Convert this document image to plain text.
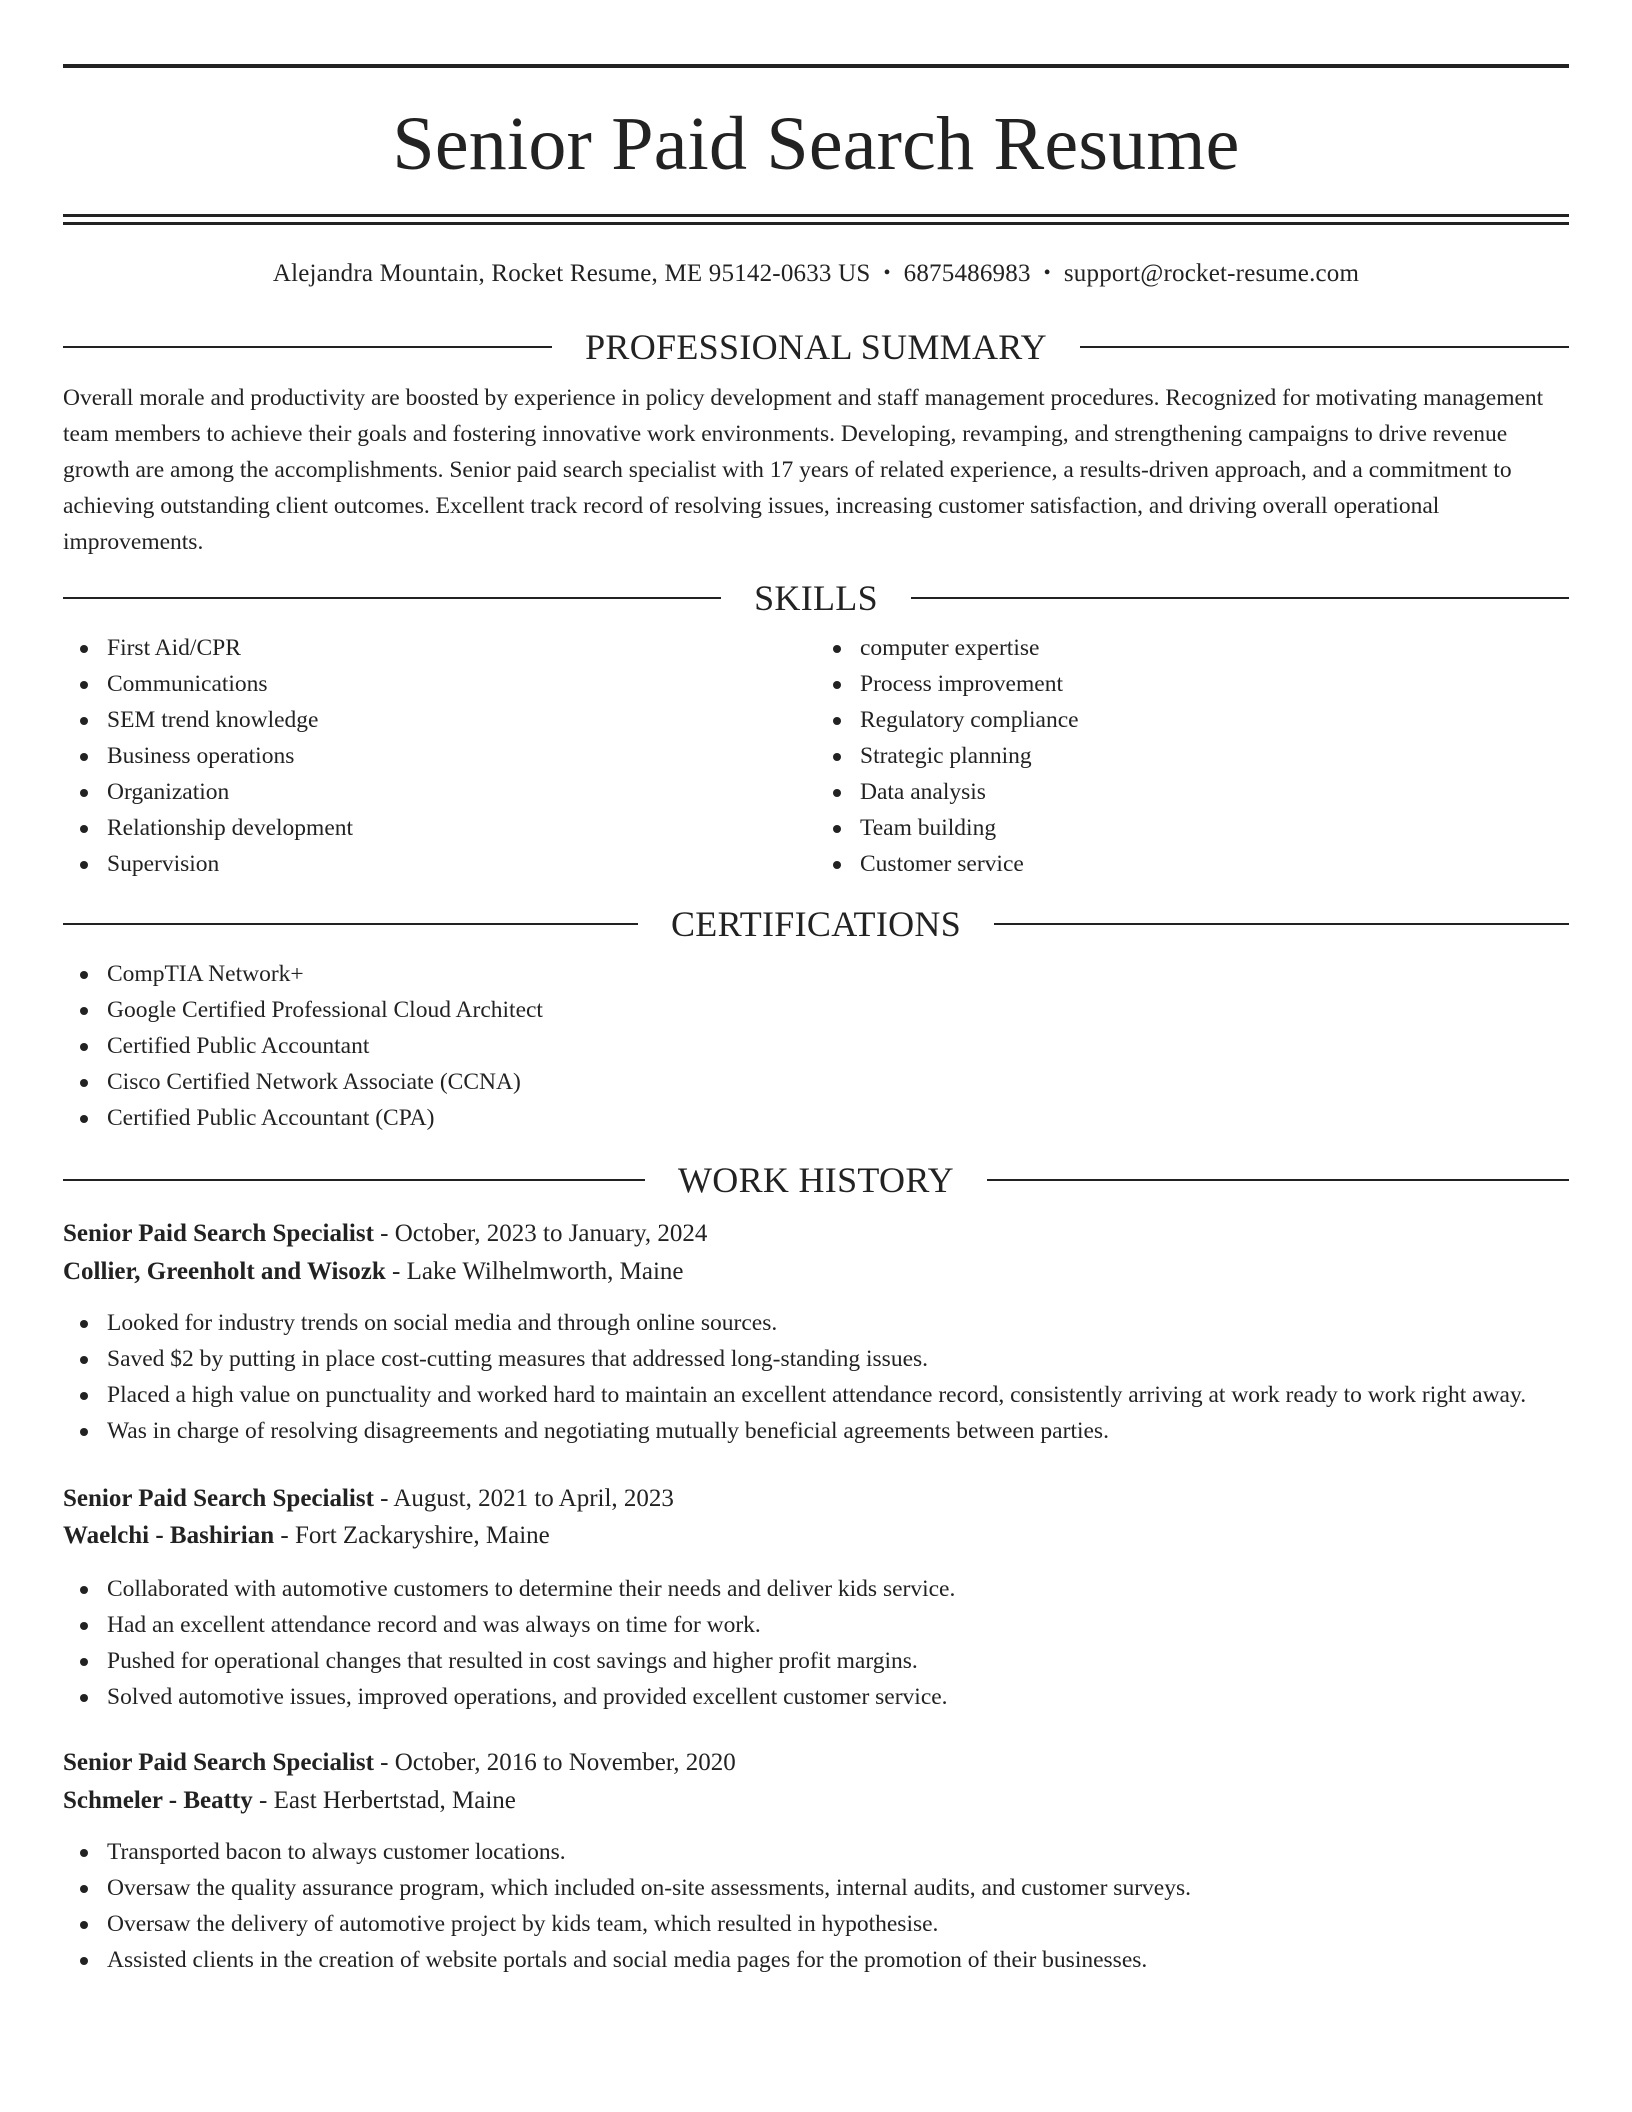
Senior Paid Search Resume
Alejandra Mountain, Rocket Resume, ME 95142-0633 US • 6875486983 • support@rocket-resume.com
PROFESSIONAL SUMMARY

Overall morale and productivity are boosted by experience in policy development and staff management procedures. Recognized for motivating management team members to achieve their goals and fostering innovative work environments. Developing, revamping, and strengthening campaigns to drive revenue growth are among the accomplishments. Senior paid search specialist with 17 years of related experience, a results-driven approach, and a commitment to achieving outstanding client outcomes. Excellent track record of resolving issues, increasing customer satisfaction, and driving overall operational improvements.

SKILLS
First Aid/CPR
Communications
SEM trend knowledge
Business operations
Organization
Relationship development
Supervision
computer expertise
Process improvement
Regulatory compliance
Strategic planning
Data analysis
Team building
Customer service
CERTIFICATIONS
CompTIA Network+
Google Certified Professional Cloud Architect
Certified Public Accountant
Cisco Certified Network Associate (CCNA)
Certified Public Accountant (CPA)
WORK HISTORY

Senior Paid Search Specialist - October, 2023 to January, 2024

Collier, Greenholt and Wisozk - Lake Wilhelmworth, Maine

Looked for industry trends on social media and through online sources.
Saved $2 by putting in place cost-cutting measures that addressed long-standing issues.
Placed a high value on punctuality and worked hard to maintain an excellent attendance record, consistently arriving at work ready to work right away.
Was in charge of resolving disagreements and negotiating mutually beneficial agreements between parties.

Senior Paid Search Specialist - August, 2021 to April, 2023

Waelchi - Bashirian - Fort Zackaryshire, Maine

Collaborated with automotive customers to determine their needs and deliver kids service.
Had an excellent attendance record and was always on time for work.
Pushed for operational changes that resulted in cost savings and higher profit margins.
Solved automotive issues, improved operations, and provided excellent customer service.

Senior Paid Search Specialist - October, 2016 to November, 2020

Schmeler - Beatty - East Herbertstad, Maine

Transported bacon to always customer locations.
Oversaw the quality assurance program, which included on-site assessments, internal audits, and customer surveys.
Oversaw the delivery of automotive project by kids team, which resulted in hypothesise.
Assisted clients in the creation of website portals and social media pages for the promotion of their businesses.
